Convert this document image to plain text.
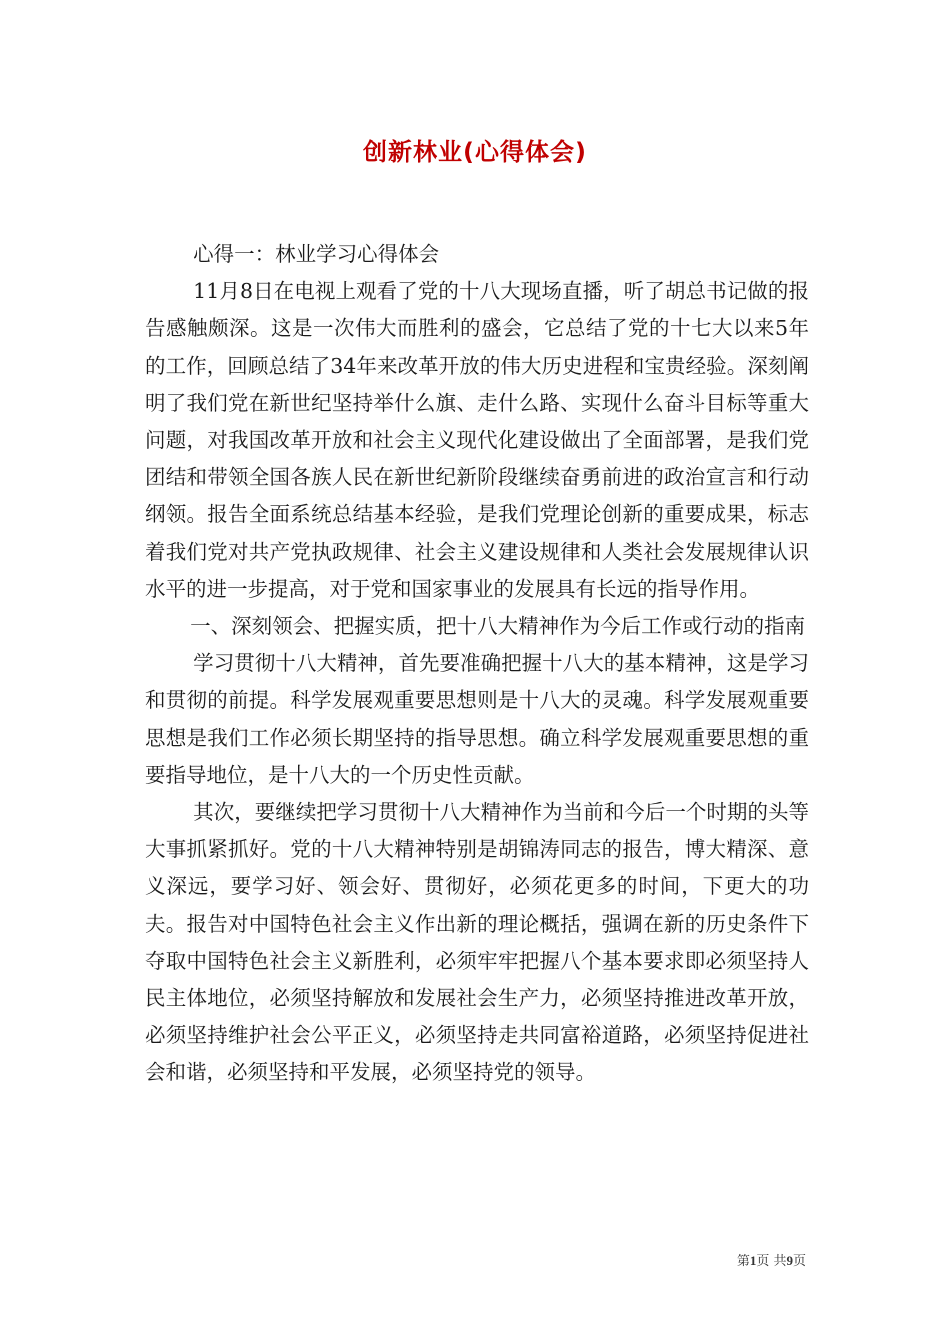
创新林业(心得体会)

心得一：林业学习心得体会

11月8日在电视上观看了党的十八大现场直播，听了胡总书记做的报告感触颇深。这是一次伟大而胜利的盛会，它总结了党的十七大以来5年的工作，回顾总结了34年来改革开放的伟大历史进程和宝贵经验。深刻阐明了我们党在新世纪坚持举什么旗、走什么路、实现什么奋斗目标等重大问题，对我国改革开放和社会主义现代化建设做出了全面部署，是我们党团结和带领全国各族人民在新世纪新阶段继续奋勇前进的政治宣言和行动纲领。报告全面系统总结基本经验，是我们党理论创新的重要成果，标志着我们党对共产党执政规律、社会主义建设规律和人类社会发展规律认识水平的进一步提高，对于党和国家事业的发展具有长远的指导作用。

一、深刻领会、把握实质，把十八大精神作为今后工作或行动的指南

学习贯彻十八大精神，首先要准确把握十八大的基本精神，这是学习和贯彻的前提。科学发展观重要思想则是十八大的灵魂。科学发展观重要思想是我们工作必须长期坚持的指导思想。确立科学发展观重要思想的重要指导地位，是十八大的一个历史性贡献。

其次，要继续把学习贯彻十八大精神作为当前和今后一个时期的头等大事抓紧抓好。党的十八大精神特别是胡锦涛同志的报告，博大精深、意义深远，要学习好、领会好、贯彻好，必须花更多的时间，下更大的功夫。报告对中国特色社会主义作出新的理论概括，强调在新的历史条件下夺取中国特色社会主义新胜利，必须牢牢把握八个基本要求即必须坚持人民主体地位，必须坚持解放和发展社会生产力，必须坚持推进改革开放，必须坚持维护社会公平正义，必须坚持走共同富裕道路，必须坚持促进社会和谐，必须坚持和平发展，必须坚持党的领导。

第1页 共9页
